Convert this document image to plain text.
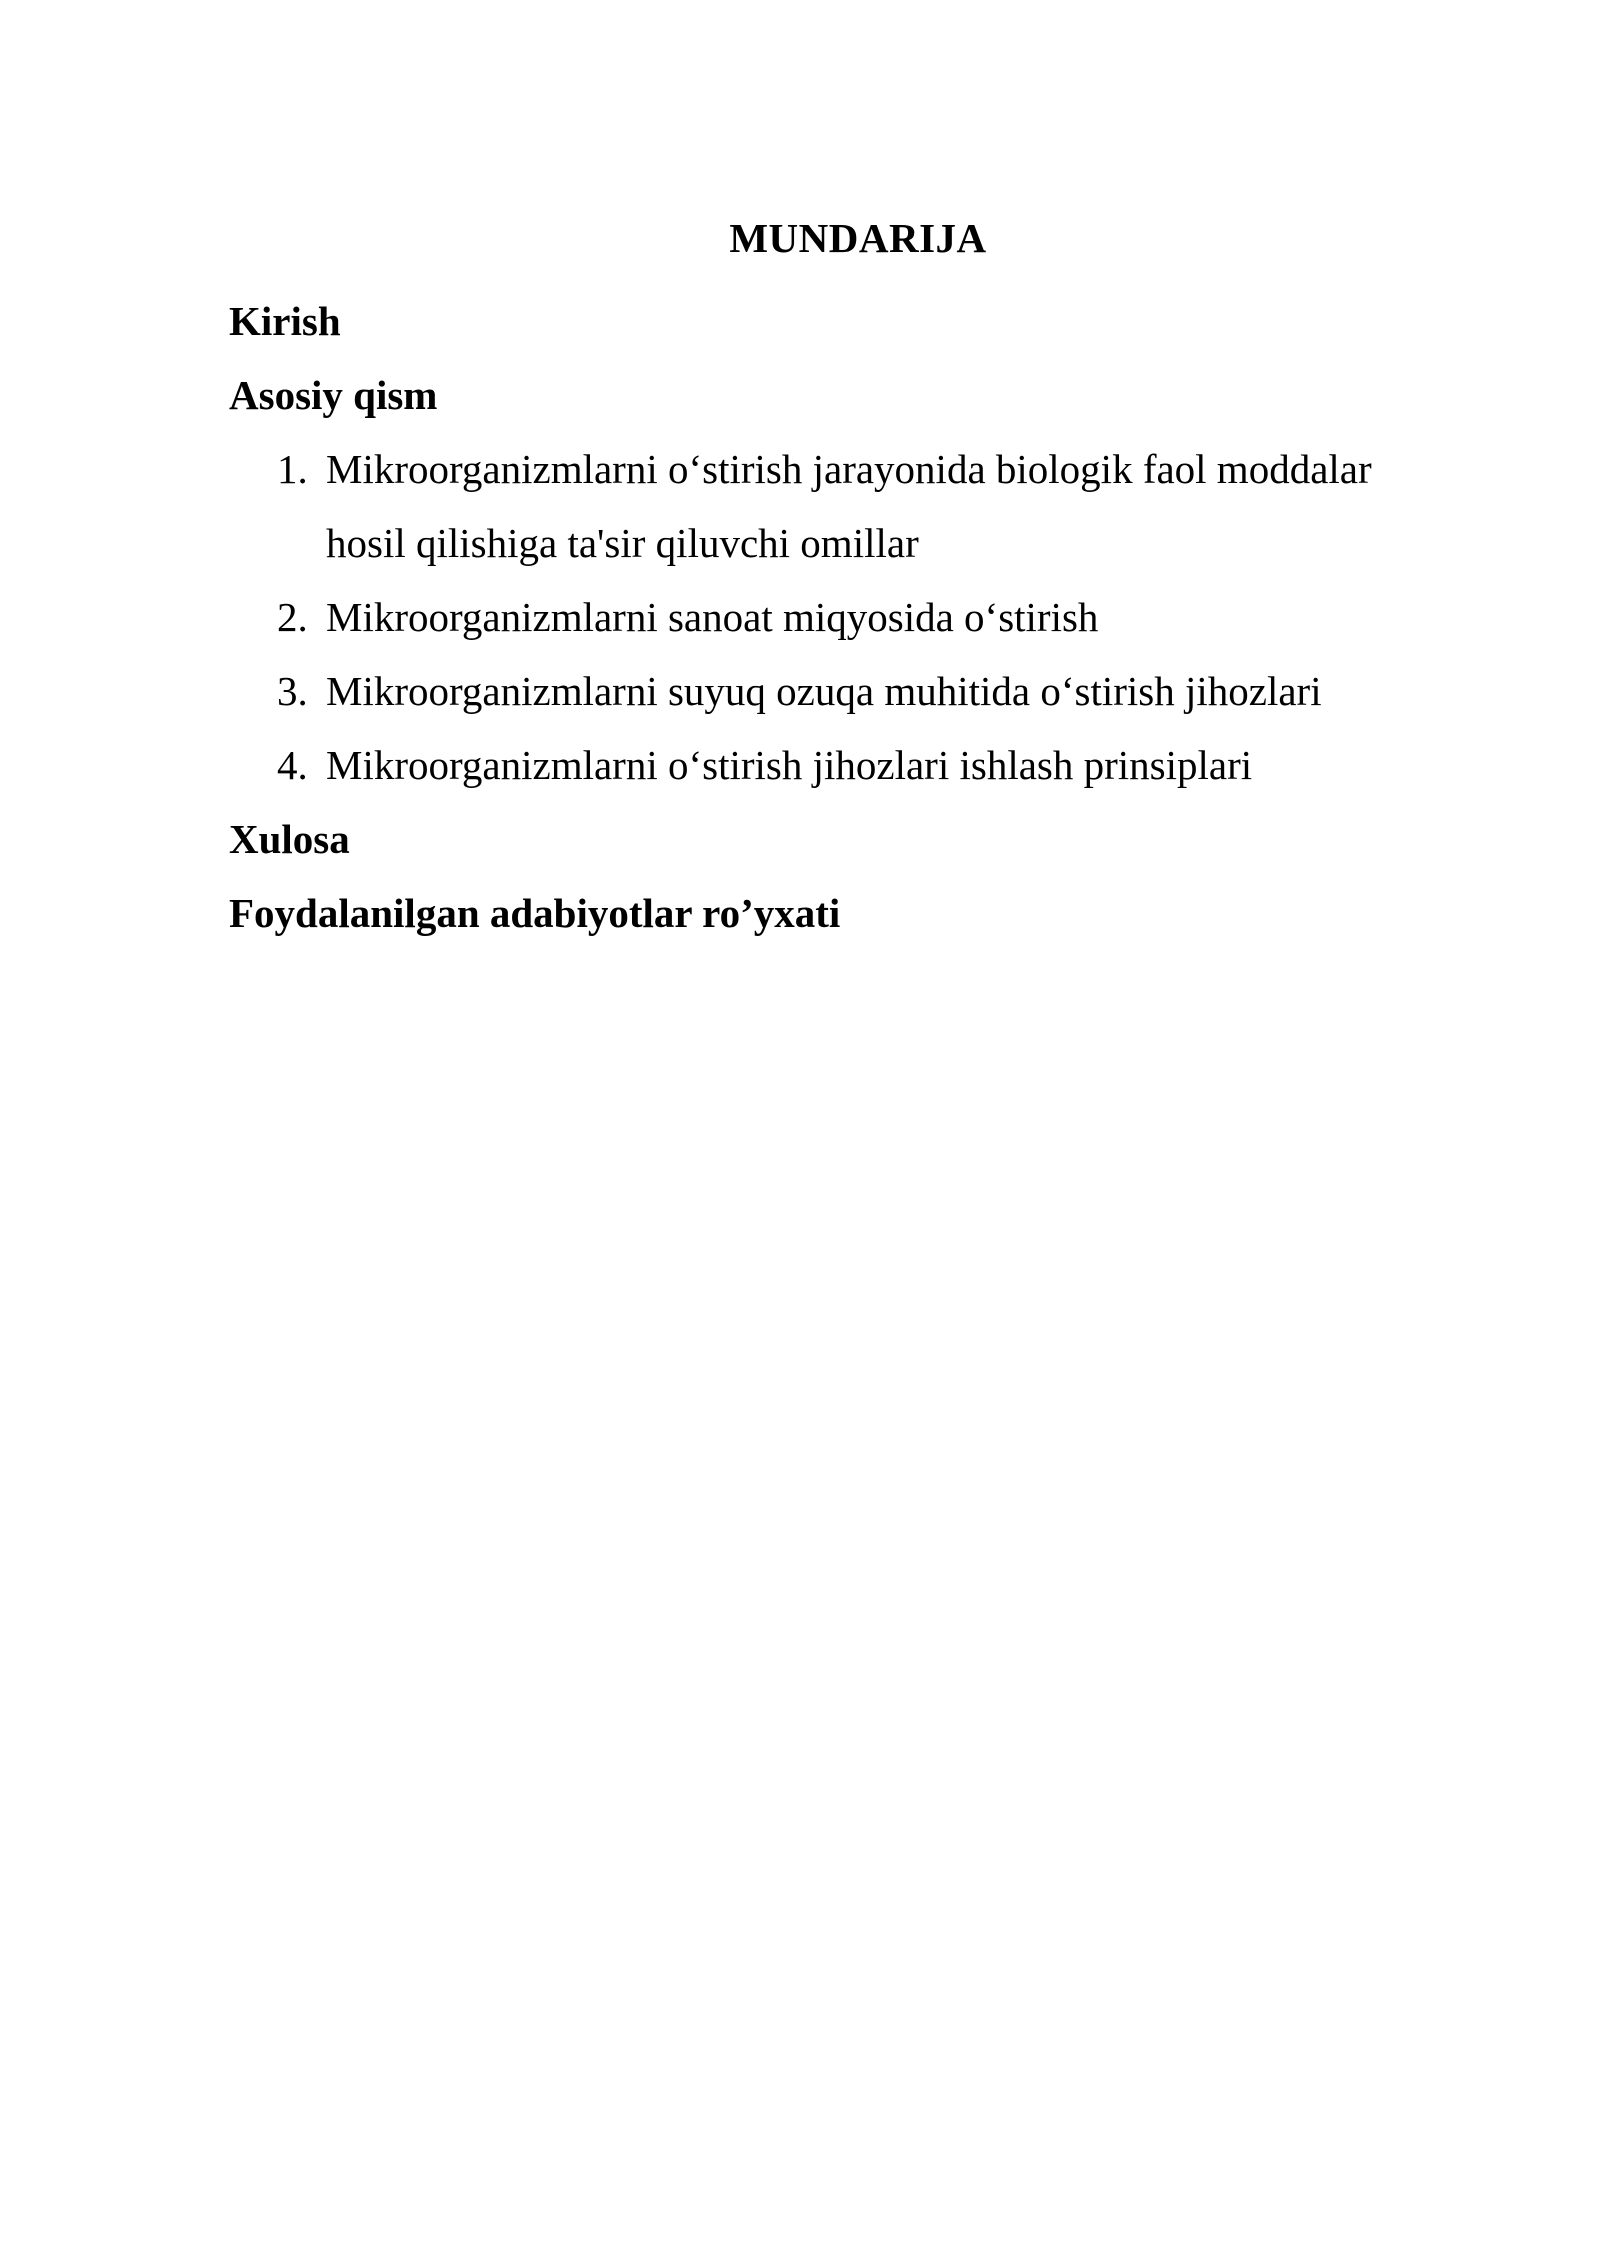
MUNDARIJA
Kirish
Asosiy qism
1. Mikroorganizmlarni o‘stirish jarayonida biologik faol moddalar hosil qilishiga ta'sir qiluvchi omillar
2. Mikroorganizmlarni sanoat miqyosida o‘stirish
3. Mikroorganizmlarni suyuq ozuqa muhitida o‘stirish jihozlari
4. Mikroorganizmlarni o‘stirish jihozlari ishlash prinsiplari
Xulosa
Foydalanilgan adabiyotlar ro’yxati
